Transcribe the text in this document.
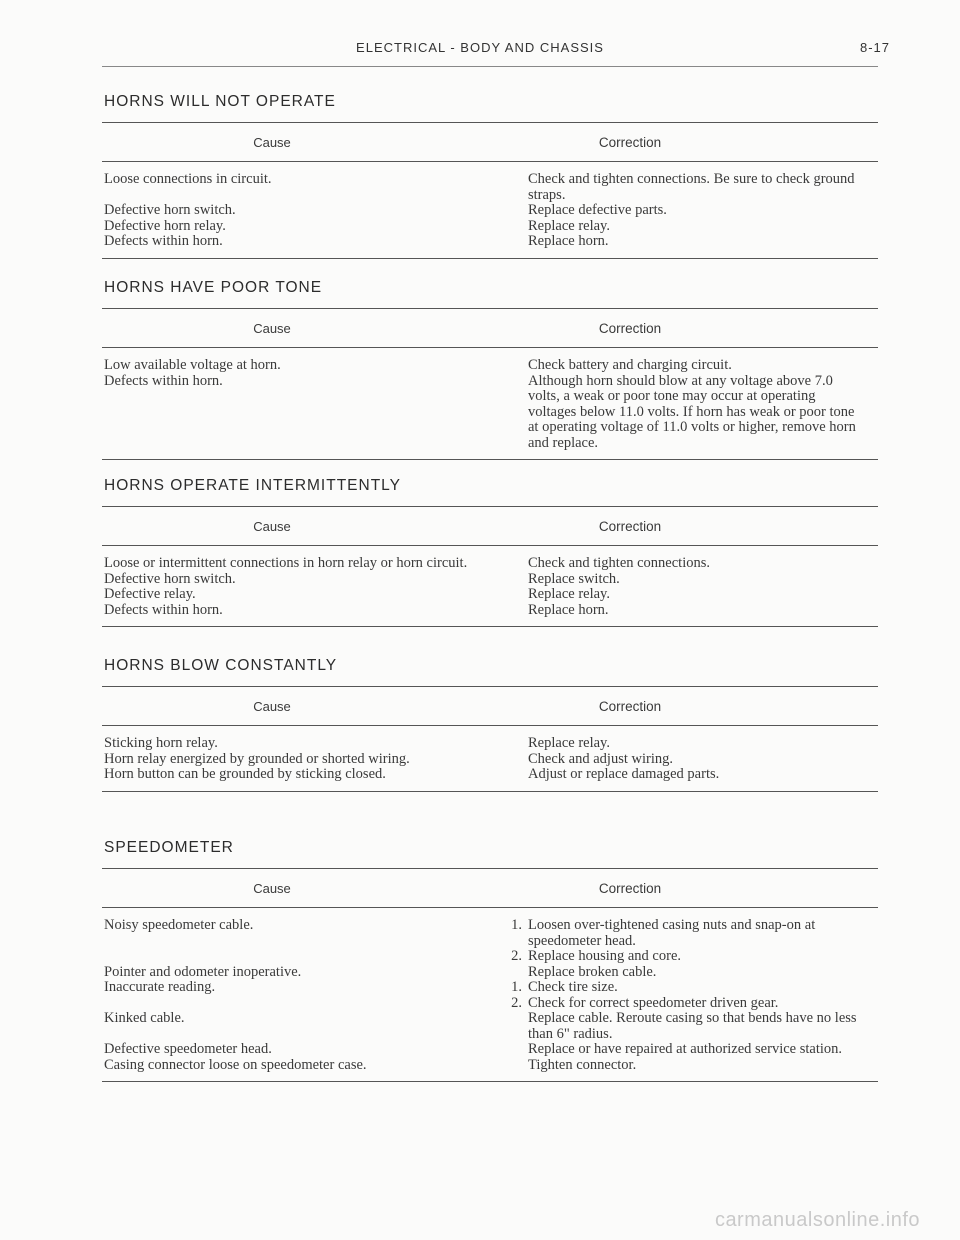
ELECTRICAL - BODY AND CHASSIS	8-17
HORNS WILL NOT OPERATE
Cause	Correction
Loose connections in circuit.	Check and tighten connections. Be sure to check ground straps.
Defective horn switch.	Replace defective parts.
Defective horn relay.	Replace relay.
Defects within horn.	Replace horn.
HORNS HAVE POOR TONE
Cause	Correction
Low available voltage at horn.	Check battery and charging circuit.
Defects within horn.	Although horn should blow at any voltage above 7.0 volts, a weak or poor tone may occur at operating voltages below 11.0 volts. If horn has weak or poor tone at operating voltage of 11.0 volts or higher, remove horn and replace.
HORNS OPERATE INTERMITTENTLY
Cause	Correction
Loose or intermittent connections in horn relay or horn circuit.	Check and tighten connections.
Defective horn switch.	Replace switch.
Defective relay.	Replace relay.
Defects within horn.	Replace horn.
HORNS BLOW CONSTANTLY
Cause	Correction
Sticking horn relay.	Replace relay.
Horn relay energized by grounded or shorted wiring.	Check and adjust wiring.
Horn button can be grounded by sticking closed.	Adjust or replace damaged parts.
SPEEDOMETER
Cause	Correction
Noisy speedometer cable.	1. Loosen over-tightened casing nuts and snap-on at speedometer head.
2. Replace housing and core.
Pointer and odometer inoperative.	Replace broken cable.
Inaccurate reading.	1. Check tire size.
2. Check for correct speedometer driven gear.
Kinked cable.	Replace cable. Reroute casing so that bends have no less than 6" radius.
Defective speedometer head.	Replace or have repaired at authorized service station.
Casing connector loose on speedometer case.	Tighten connector.
carmanualsonline.info
